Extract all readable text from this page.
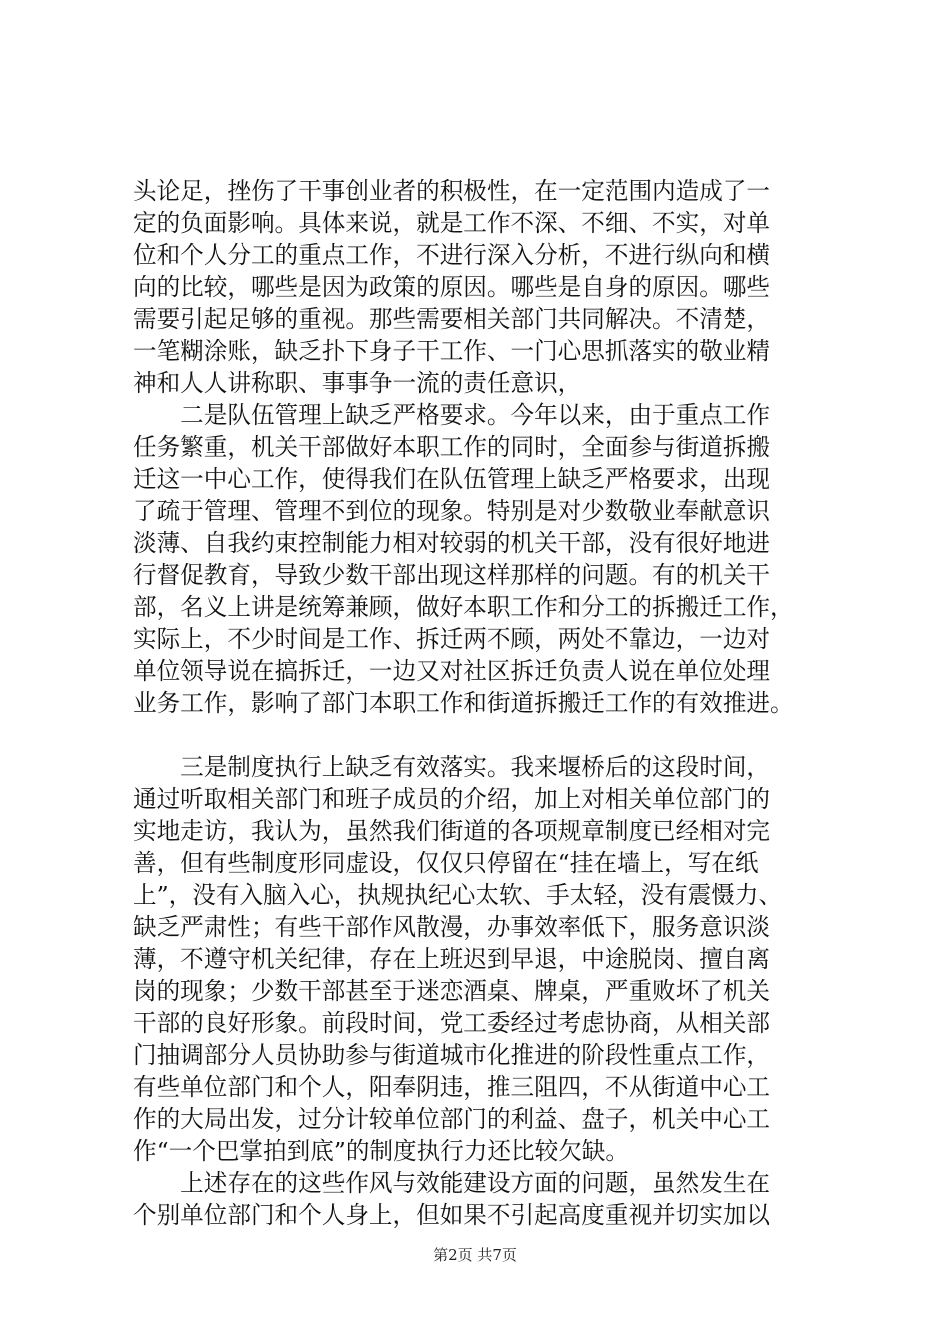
头论足，挫伤了干事创业者的积极性，在一定范围内造成了一
定的负面影响。具体来说，就是工作不深、不细、不实，对单
位和个人分工的重点工作，不进行深入分析，不进行纵向和横
向的比较，哪些是因为政策的原因。哪些是自身的原因。哪些
需要引起足够的重视。那些需要相关部门共同解决。不清楚，
一笔糊涂账，缺乏扑下身子干工作、一门心思抓落实的敬业精
神和人人讲称职、事事争一流的责任意识，
　　二是队伍管理上缺乏严格要求。今年以来，由于重点工作
任务繁重，机关干部做好本职工作的同时，全面参与街道拆搬
迁这一中心工作，使得我们在队伍管理上缺乏严格要求，出现
了疏于管理、管理不到位的现象。特别是对少数敬业奉献意识
淡薄、自我约束控制能力相对较弱的机关干部，没有很好地进
行督促教育，导致少数干部出现这样那样的问题。有的机关干
部，名义上讲是统筹兼顾，做好本职工作和分工的拆搬迁工作，
实际上，不少时间是工作、拆迁两不顾，两处不靠边，一边对
单位领导说在搞拆迁，一边又对社区拆迁负责人说在单位处理
业务工作，影响了部门本职工作和街道拆搬迁工作的有效推进。
　　三是制度执行上缺乏有效落实。我来堰桥后的这段时间，
通过听取相关部门和班子成员的介绍，加上对相关单位部门的
实地走访，我认为，虽然我们街道的各项规章制度已经相对完
善，但有些制度形同虚设，仅仅只停留在“挂在墙上，写在纸
上”，没有入脑入心，执规执纪心太软、手太轻，没有震慑力、
缺乏严肃性；有些干部作风散漫，办事效率低下，服务意识淡
薄，不遵守机关纪律，存在上班迟到早退，中途脱岗、擅自离
岗的现象；少数干部甚至于迷恋酒桌、牌桌，严重败坏了机关
干部的良好形象。前段时间，党工委经过考虑协商，从相关部
门抽调部分人员协助参与街道城市化推进的阶段性重点工作，
有些单位部门和个人，阳奉阴违，推三阻四，不从街道中心工
作的大局出发，过分计较单位部门的利益、盘子，机关中心工
作“一个巴掌拍到底”的制度执行力还比较欠缺。
　　上述存在的这些作风与效能建设方面的问题，虽然发生在
个别单位部门和个人身上，但如果不引起高度重视并切实加以
第2页 共7页
